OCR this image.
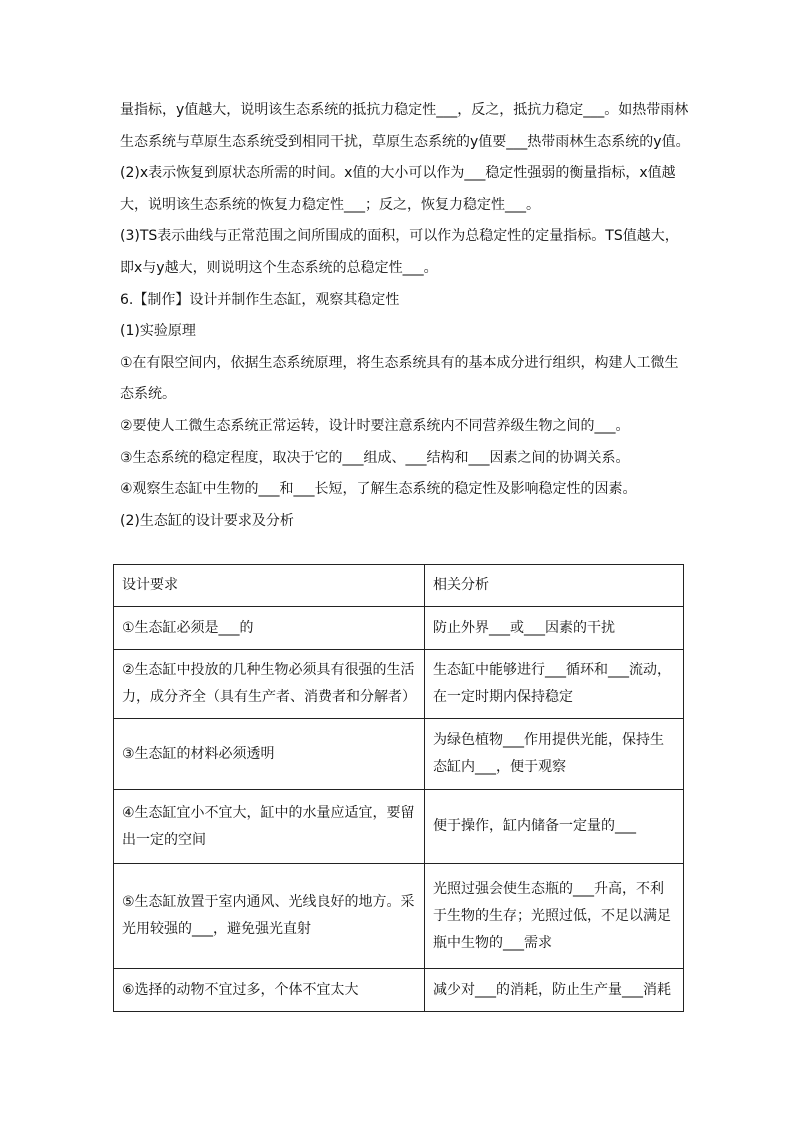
量指标，y值越大，说明该生态系统的抵抗力稳定性___，反之，抵抗力稳定___。如热带雨林生态系统与草原生态系统受到相同干扰，草原生态系统的y值要___热带雨林生态系统的y值。

(2)x表示恢复到原状态所需的时间。x值的大小可以作为___稳定性强弱的衡量指标，x值越大，说明该生态系统的恢复力稳定性___；反之，恢复力稳定性___。

(3)TS表示曲线与正常范围之间所围成的面积，可以作为总稳定性的定量指标。TS值越大，即x与y越大，则说明这个生态系统的总稳定性___。

6.【制作】设计并制作生态缸，观察其稳定性

(1)实验原理

①在有限空间内，依据生态系统原理，将生态系统具有的基本成分进行组织，构建人工微生态系统。

②要使人工微生态系统正常运转，设计时要注意系统内不同营养级生物之间的___。

③生态系统的稳定程度，取决于它的___组成、___结构和___因素之间的协调关系。

④观察生态缸中生物的___和___长短，了解生态系统的稳定性及影响稳定性的因素。

(2)生态缸的设计要求及分析

设计要求	相关分析
①生态缸必须是___的	防止外界___或___因素的干扰
②生态缸中投放的几种生物必须具有很强的生活力，成分齐全（具有生产者、消费者和分解者）	生态缸中能够进行___循环和___流动，在一定时期内保持稳定
③生态缸的材料必须透明	为绿色植物___作用提供光能，保持生态缸内___，便于观察
④生态缸宜小不宜大，缸中的水量应适宜，要留出一定的空间	便于操作，缸内储备一定量的___
⑤生态缸放置于室内通风、光线良好的地方。采光用较强的___，避免强光直射	光照过强会使生态瓶的___升高，不利于生物的生存；光照过低，不足以满足瓶中生物的___需求
⑥选择的动物不宜过多，个体不宜太大	减少对___的消耗，防止生产量___消耗
